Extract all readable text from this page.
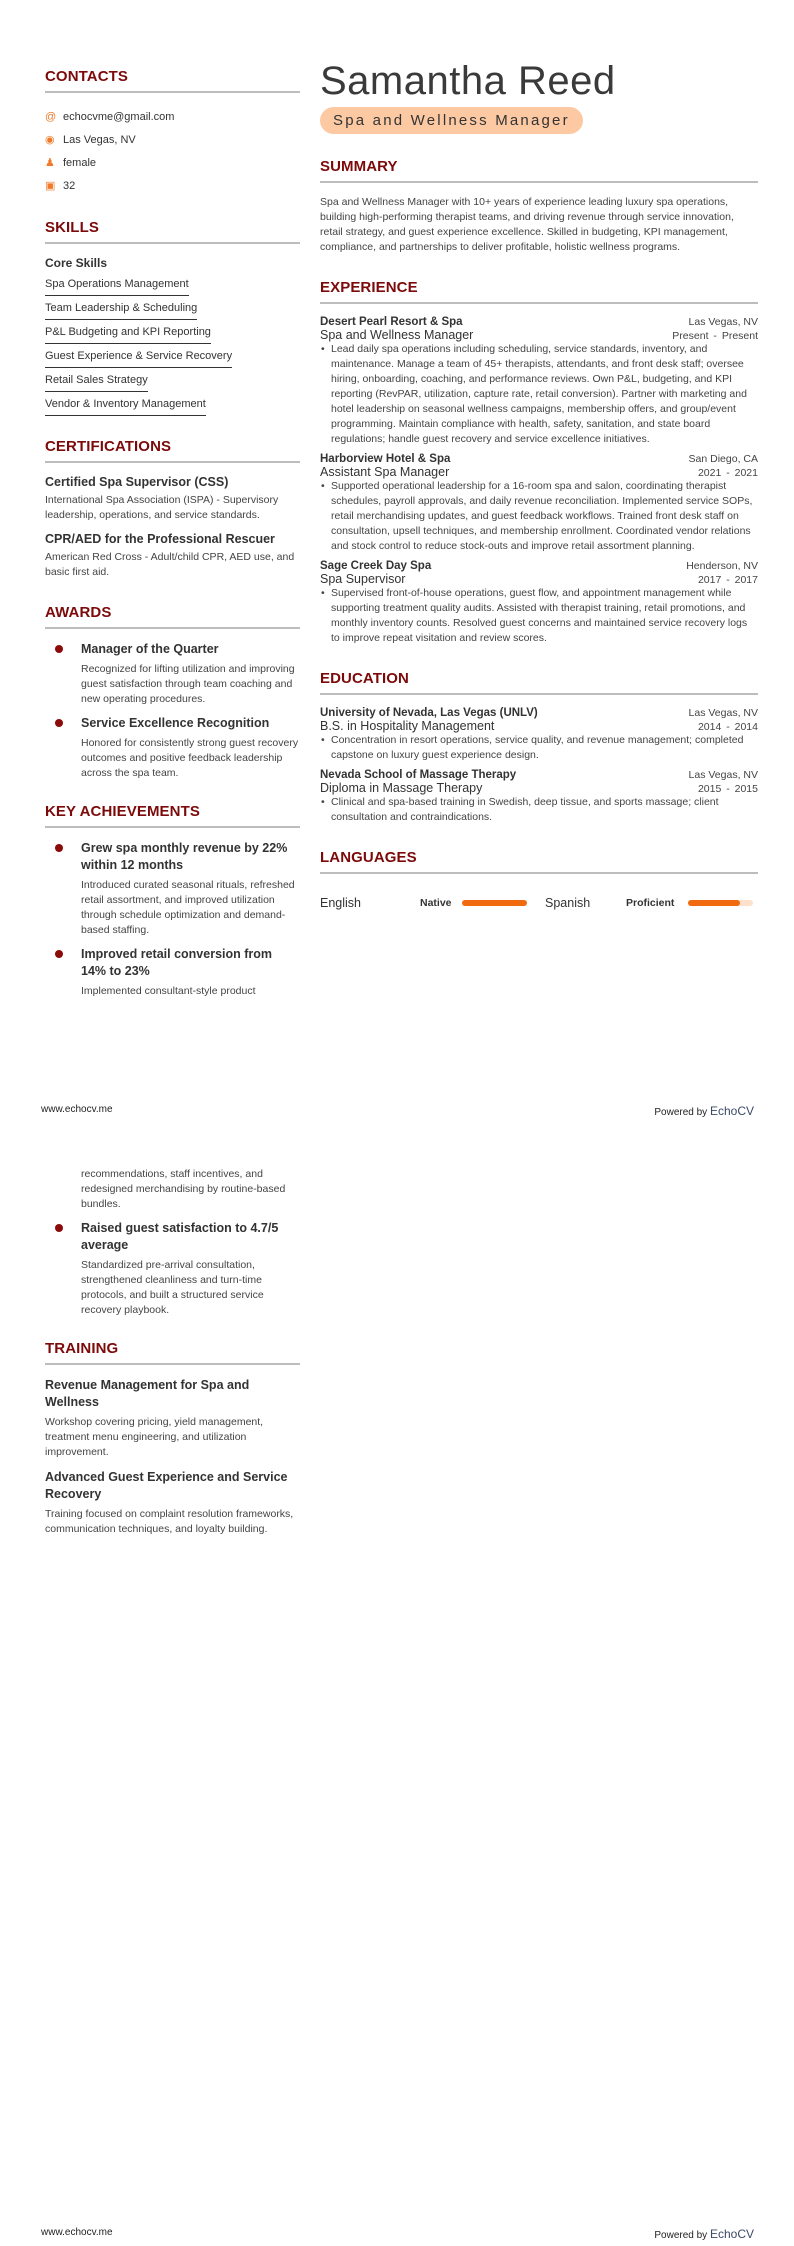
CONTACTS
@ echocvme@gmail.com
◉ Las Vegas, NV
♟ female
▣ 32
SKILLS
Core Skills
Spa Operations Management
Team Leadership & Scheduling
P&L Budgeting and KPI Reporting
Guest Experience & Service Recovery
Retail Sales Strategy
Vendor & Inventory Management
CERTIFICATIONS
Certified Spa Supervisor (CSS)
International Spa Association (ISPA) - Supervisory leadership, operations, and service standards.
CPR/AED for the Professional Rescuer
American Red Cross - Adult/child CPR, AED use, and basic first aid.
AWARDS
Manager of the Quarter
Recognized for lifting utilization and improving guest satisfaction through team coaching and new operating procedures.
Service Excellence Recognition
Honored for consistently strong guest recovery outcomes and positive feedback leadership across the spa team.
KEY ACHIEVEMENTS
Grew spa monthly revenue by 22% within 12 months
Introduced curated seasonal rituals, refreshed retail assortment, and improved utilization through schedule optimization and demand-based staffing.
Improved retail conversion from 14% to 23%
Implemented consultant-style product
Samantha Reed
Spa and Wellness Manager
SUMMARY

Spa and Wellness Manager with 10+ years of experience leading luxury spa operations, building high-performing therapist teams, and driving revenue through service innovation, retail strategy, and guest experience excellence. Skilled in budgeting, KPI management, compliance, and partnerships to deliver profitable, holistic wellness programs.

EXPERIENCE
Desert Pearl Resort & Spa	Las Vegas, NV
Spa and Wellness Manager	Present - Present
• Lead daily spa operations including scheduling, service standards, inventory, and maintenance. Manage a team of 45+ therapists, attendants, and front desk staff; oversee hiring, onboarding, coaching, and performance reviews. Own P&L, budgeting, and KPI reporting (RevPAR, utilization, capture rate, retail conversion). Partner with marketing and hotel leadership on seasonal wellness campaigns, membership offers, and group/event programming. Maintain compliance with health, safety, sanitation, and state board regulations; handle guest recovery and service excellence initiatives.
Harborview Hotel & Spa	San Diego, CA
Assistant Spa Manager	2021 - 2021
• Supported operational leadership for a 16-room spa and salon, coordinating therapist schedules, payroll approvals, and daily revenue reconciliation. Implemented service SOPs, retail merchandising updates, and guest feedback workflows. Trained front desk staff on consultation, upsell techniques, and membership enrollment. Coordinated vendor relations and stock control to reduce stock-outs and improve retail assortment planning.
Sage Creek Day Spa	Henderson, NV
Spa Supervisor	2017 - 2017
• Supervised front-of-house operations, guest flow, and appointment management while supporting treatment quality audits. Assisted with therapist training, retail promotions, and monthly inventory counts. Resolved guest concerns and maintained service recovery logs to improve repeat visitation and review scores.
EDUCATION
University of Nevada, Las Vegas (UNLV)	Las Vegas, NV
B.S. in Hospitality Management	2014 - 2014
• Concentration in resort operations, service quality, and revenue management; completed capstone on luxury guest experience design.
Nevada School of Massage Therapy	Las Vegas, NV
Diploma in Massage Therapy	2015 - 2015
• Clinical and spa-based training in Swedish, deep tissue, and sports massage; client consultation and contraindications.
LANGUAGES
English	Native	Spanish	Proficient
www.echocv.me	Powered by EchoCV
recommendations, staff incentives, and redesigned merchandising by routine-based bundles.
Raised guest satisfaction to 4.7/5 average
Standardized pre-arrival consultation, strengthened cleanliness and turn-time protocols, and built a structured service recovery playbook.
TRAINING
Revenue Management for Spa and Wellness
Workshop covering pricing, yield management, treatment menu engineering, and utilization improvement.
Advanced Guest Experience and Service Recovery
Training focused on complaint resolution frameworks, communication techniques, and loyalty building.
www.echocv.me	Powered by EchoCV
